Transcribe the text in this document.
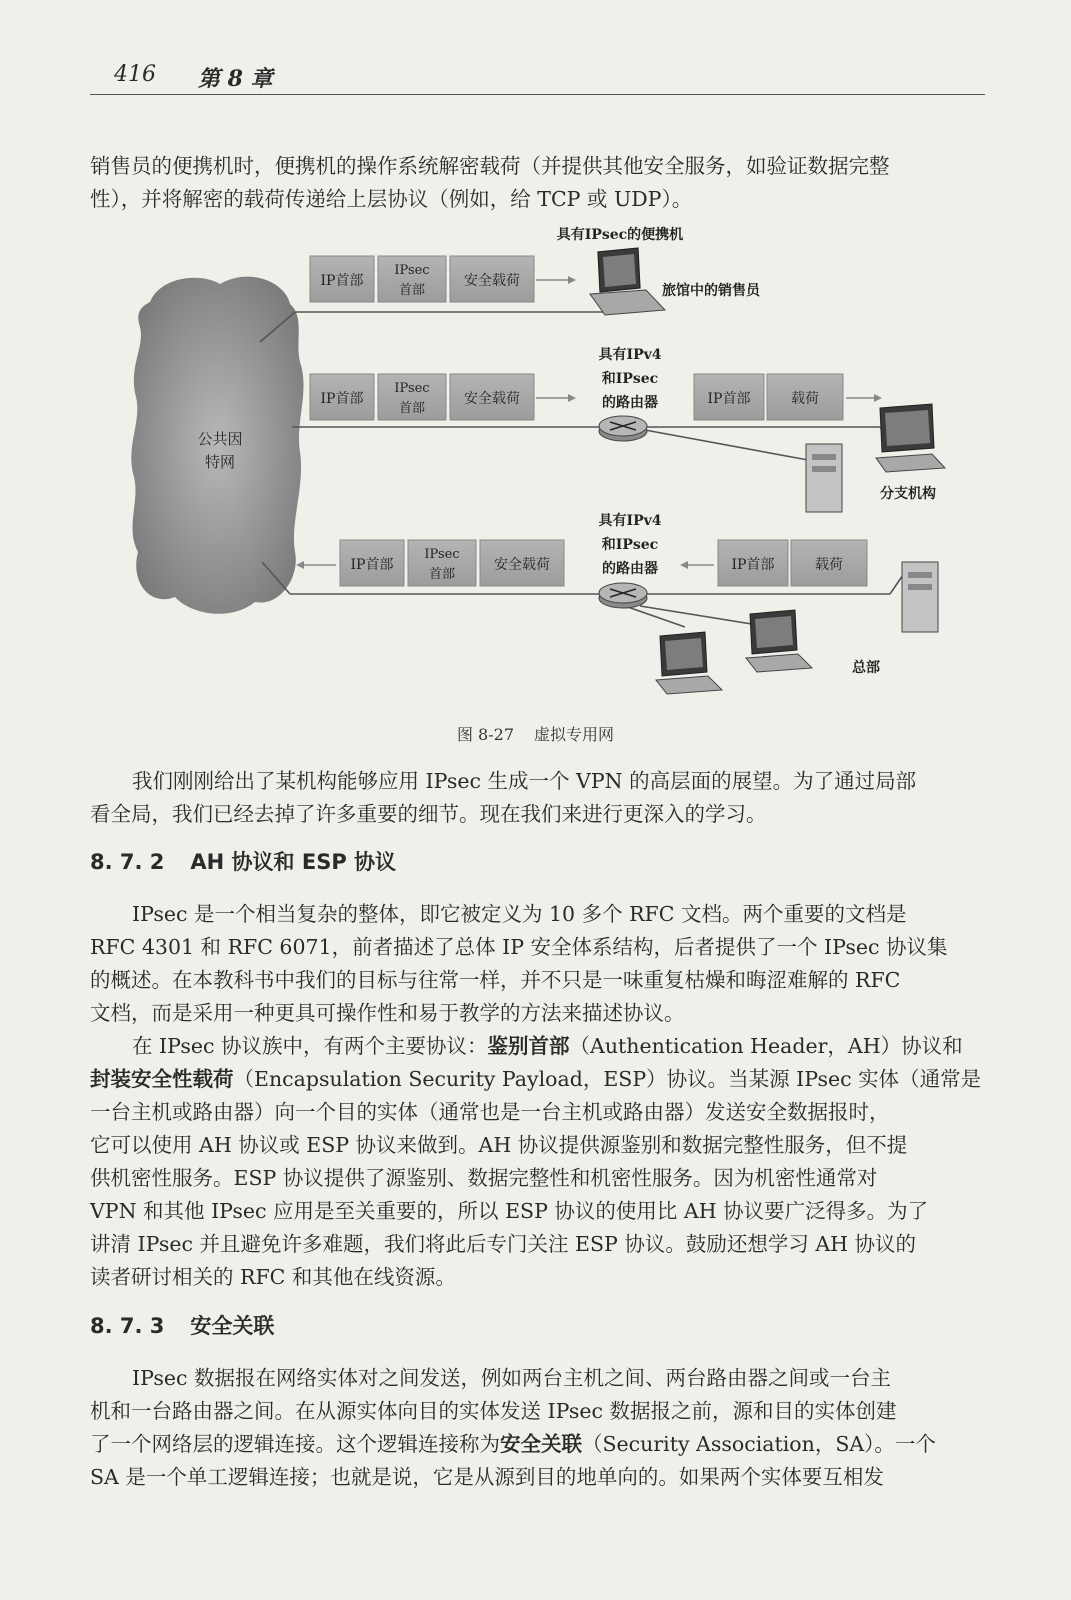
416 第 8 章

销售员的便携机时，便携机的操作系统解密载荷（并提供其他安全服务，如验证数据完整
性），并将解密的载荷传递给上层协议（例如，给 TCP 或 UDP）。

公共因
特网
具有IPsec的便携机
旅馆中的销售员
IP首部
IPsec
首部
安全载荷
具有IPv4
和IPsec
的路由器
IP首部
IPsec
首部
安全载荷	IP首部	载荷
分支机构
具有IPv4
和IPsec
的路由器
IP首部
IPsec
首部
安全载荷	IP首部	载荷
总部
图 8-27 虚拟专用网

我们刚刚给出了某机构能够应用 IPsec 生成一个 VPN 的高层面的展望。为了通过局部
看全局，我们已经去掉了许多重要的细节。现在我们来进行更深入的学习。

8. 7. 2 AH 协议和 ESP 协议

IPsec 是一个相当复杂的整体，即它被定义为 10 多个 RFC 文档。两个重要的文档是
RFC 4301 和 RFC 6071，前者描述了总体 IP 安全体系结构，后者提供了一个 IPsec 协议集
的概述。在本教科书中我们的目标与往常一样，并不只是一味重复枯燥和晦涩难解的 RFC
文档，而是采用一种更具可操作性和易于教学的方法来描述协议。

在 IPsec 协议族中，有两个主要协议：鉴别首部（Authentication Header，AH）协议和
封装安全性载荷（Encapsulation Security Payload，ESP）协议。当某源 IPsec 实体（通常是
一台主机或路由器）向一个目的实体（通常也是一台主机或路由器）发送安全数据报时，
它可以使用 AH 协议或 ESP 协议来做到。AH 协议提供源鉴别和数据完整性服务，但不提
供机密性服务。ESP 协议提供了源鉴别、数据完整性和机密性服务。因为机密性通常对
VPN 和其他 IPsec 应用是至关重要的，所以 ESP 协议的使用比 AH 协议要广泛得多。为了
讲清 IPsec 并且避免许多难题，我们将此后专门关注 ESP 协议。鼓励还想学习 AH 协议的
读者研讨相关的 RFC 和其他在线资源。

8. 7. 3 安全关联

IPsec 数据报在网络实体对之间发送，例如两台主机之间、两台路由器之间或一台主
机和一台路由器之间。在从源实体向目的实体发送 IPsec 数据报之前，源和目的实体创建
了一个网络层的逻辑连接。这个逻辑连接称为安全关联（Security Association，SA）。一个
SA 是一个单工逻辑连接；也就是说，它是从源到目的地单向的。如果两个实体要互相发
